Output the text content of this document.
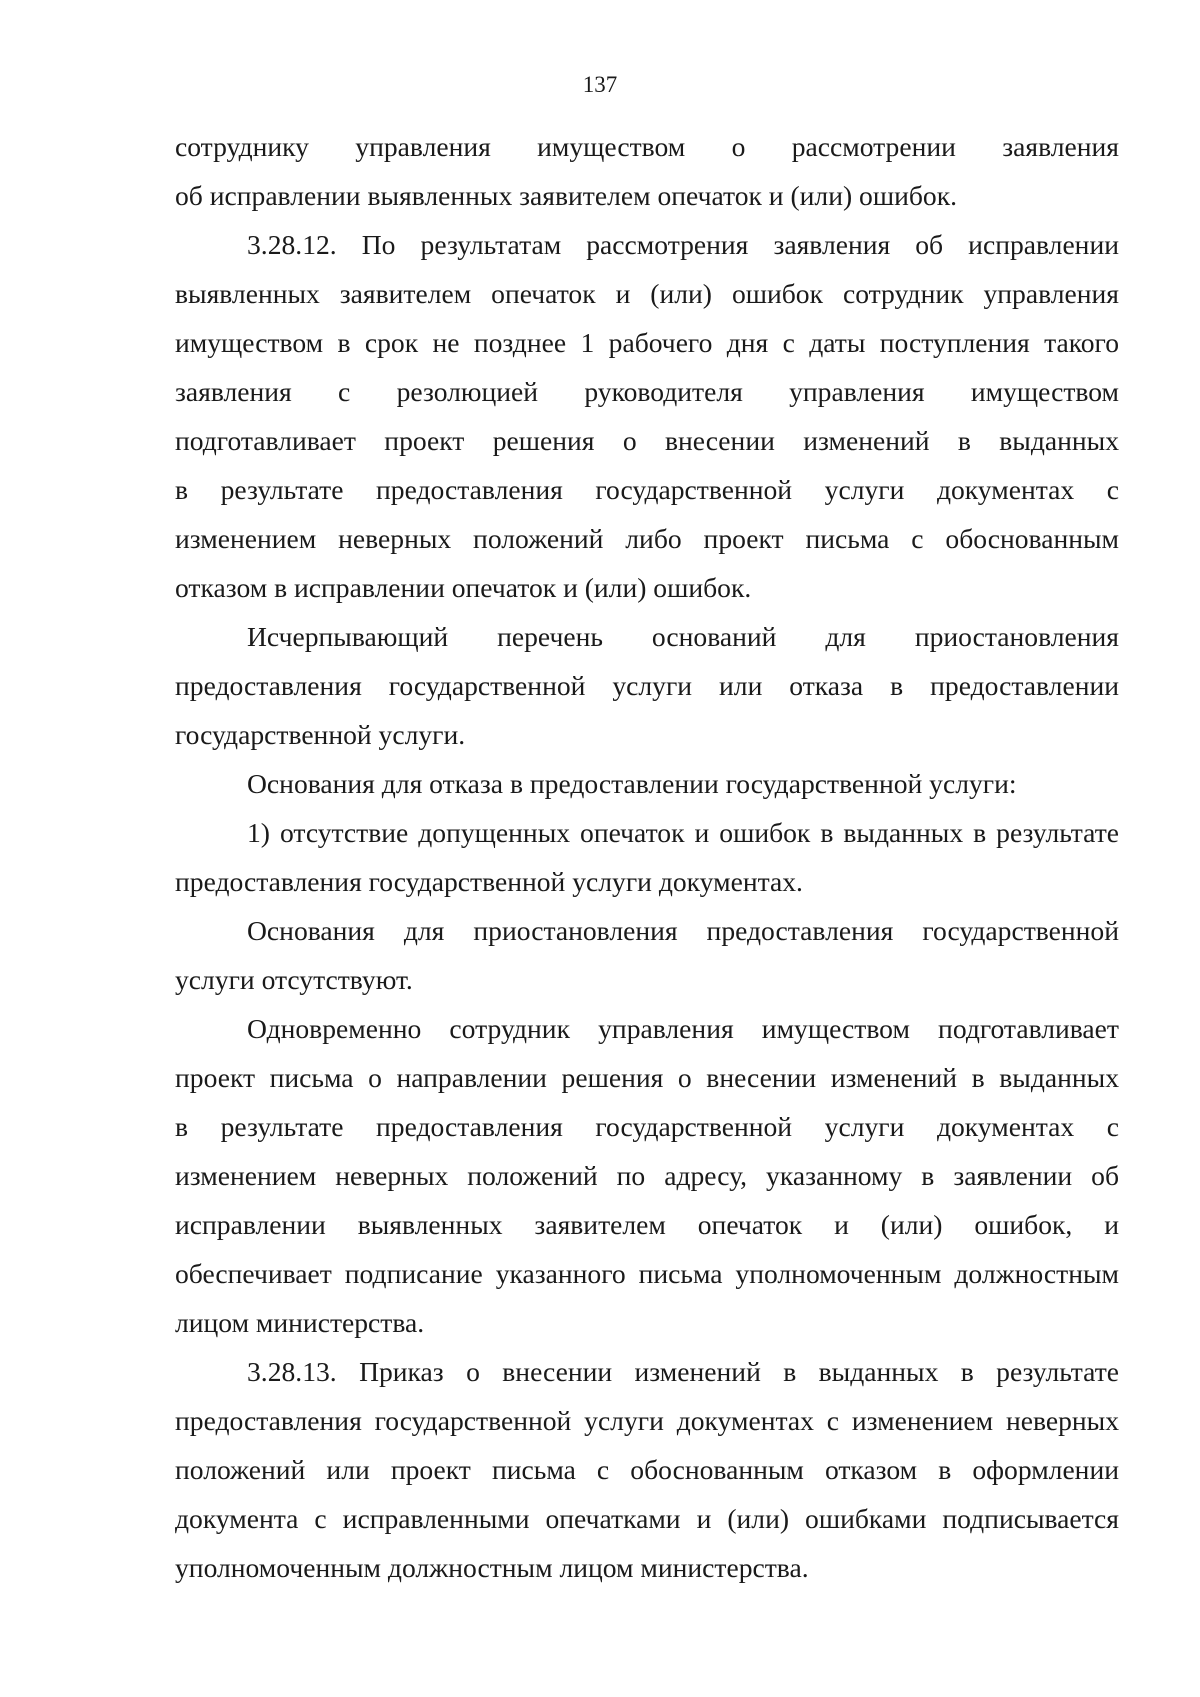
137

сотруднику управления имуществом о рассмотрении заявления
об исправлении выявленных заявителем опечаток и (или) ошибок.

3.28.12. По результатам рассмотрения заявления об исправлении
выявленных заявителем опечаток и (или) ошибок сотрудник управления
имуществом в срок не позднее 1 рабочего дня с даты поступления такого
заявления с резолюцией руководителя управления имуществом
подготавливает проект решения о внесении изменений в выданных
в результате предоставления государственной услуги документах с
изменением неверных положений либо проект письма с обоснованным
отказом в исправлении опечаток и (или) ошибок.

Исчерпывающий перечень оснований для приостановления
предоставления государственной услуги или отказа в предоставлении
государственной услуги.

Основания для отказа в предоставлении государственной услуги:

1) отсутствие допущенных опечаток и ошибок в выданных в результате
предоставления государственной услуги документах.

Основания для приостановления предоставления государственной
услуги отсутствуют.

Одновременно сотрудник управления имуществом подготавливает
проект письма о направлении решения о внесении изменений в выданных
в результате предоставления государственной услуги документах с
изменением неверных положений по адресу, указанному в заявлении об
исправлении выявленных заявителем опечаток и (или) ошибок, и
обеспечивает подписание указанного письма уполномоченным должностным
лицом министерства.

3.28.13. Приказ о внесении изменений в выданных в результате
предоставления государственной услуги документах с изменением неверных
положений или проект письма с обоснованным отказом в оформлении
документа с исправленными опечатками и (или) ошибками подписывается
уполномоченным должностным лицом министерства.
